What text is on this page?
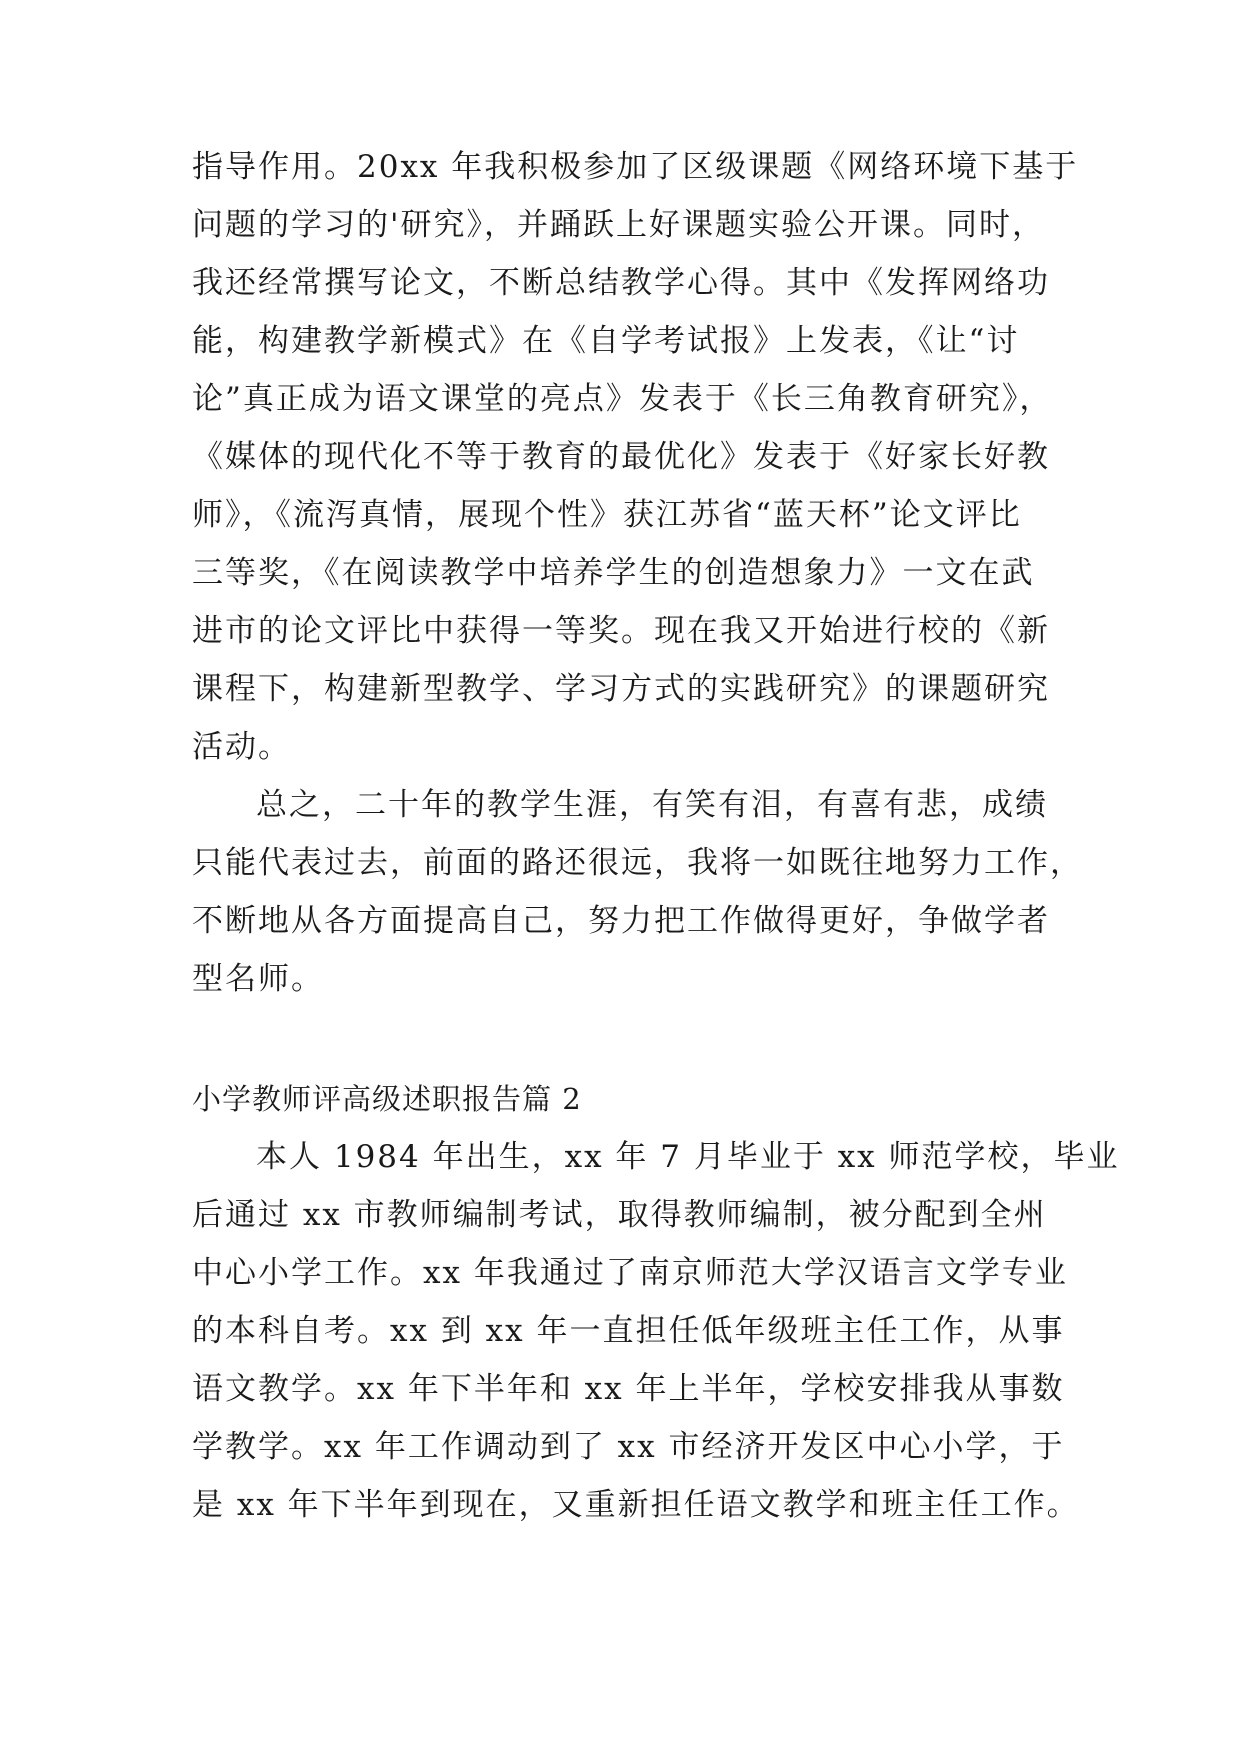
指导作用。20xx 年我积极参加了区级课题《网络环境下基于
问题的学习的'研究》，并踊跃上好课题实验公开课。同时，
我还经常撰写论文，不断总结教学心得。其中《发挥网络功
能，构建教学新模式》在《自学考试报》上发表，《让“讨
论”真正成为语文课堂的亮点》发表于《长三角教育研究》，
《媒体的现代化不等于教育的最优化》发表于《好家长好教
师》，《流泻真情，展现个性》获江苏省“蓝天杯”论文评比
三等奖，《在阅读教学中培养学生的创造想象力》一文在武
进市的论文评比中获得一等奖。现在我又开始进行校的《新
课程下，构建新型教学、学习方式的实践研究》的课题研究
活动。
总之，二十年的教学生涯，有笑有泪，有喜有悲，成绩
只能代表过去，前面的路还很远，我将一如既往地努力工作，
不断地从各方面提高自己，努力把工作做得更好，争做学者
型名师。
小学教师评高级述职报告篇 2
本人 1984 年出生，xx 年 7 月毕业于 xx 师范学校，毕业
后通过 xx 市教师编制考试，取得教师编制，被分配到全州
中心小学工作。xx 年我通过了南京师范大学汉语言文学专业
的本科自考。xx 到 xx 年一直担任低年级班主任工作，从事
语文教学。xx 年下半年和 xx 年上半年，学校安排我从事数
学教学。xx 年工作调动到了 xx 市经济开发区中心小学，于
是 xx 年下半年到现在，又重新担任语文教学和班主任工作。
